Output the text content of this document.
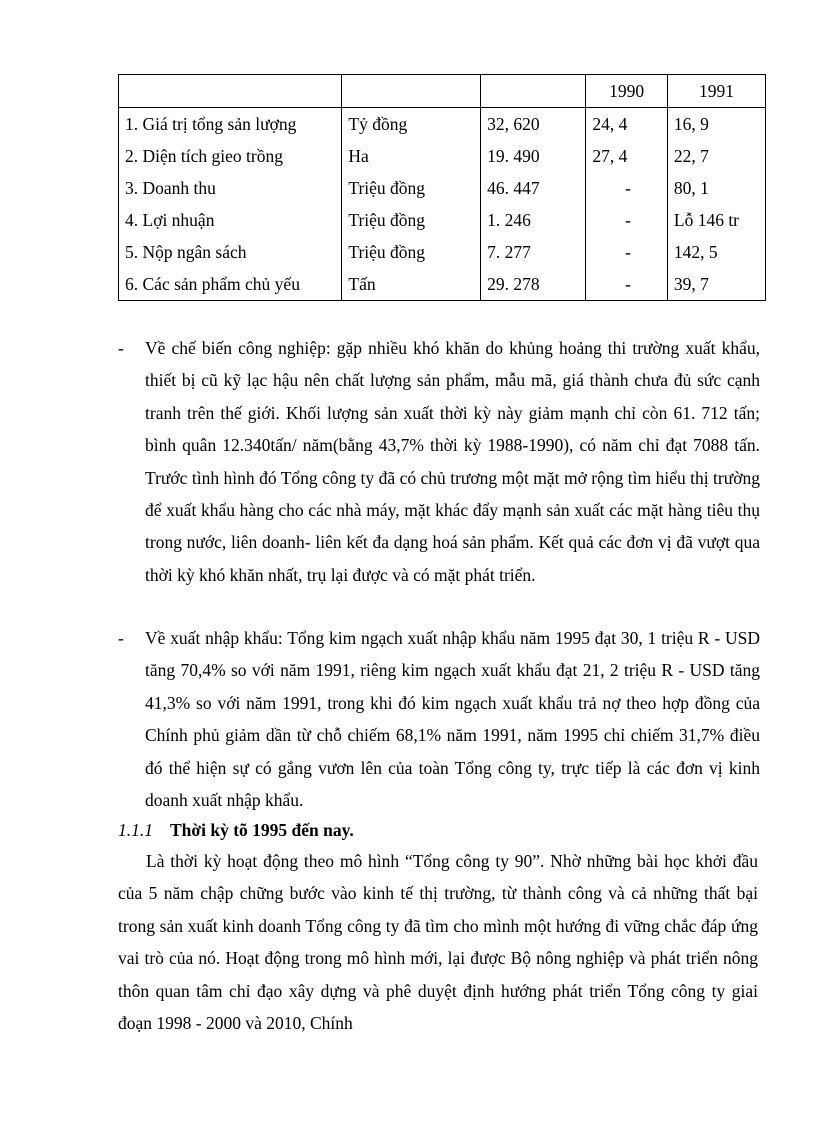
			1990	1991
1. Giá trị tổng sản lượng	Tỷ đồng	32, 620	24, 4	16, 9
2. Diện tích gieo trồng	Ha	19. 490	27, 4	22, 7
3. Doanh thu	Triệu đồng	46. 447	-	80, 1
4. Lợi nhuận	Triệu đồng	1. 246	-	Lỗ 146 tr
5. Nộp ngân sách	Triệu đồng	7. 277	-	142, 5
6. Các sản phẩm chủ yếu	Tấn	29. 278	-	39, 7
-	Về chế biến công nghiệp: gặp nhiều khó khăn do khủng hoảng thi trường xuất khẩu, thiết bị cũ kỹ lạc hậu nên chất lượng sản phẩm, mẫu mã, giá thành chưa đủ sức cạnh tranh trên thế giới. Khối lượng sản xuất thời kỳ này giảm mạnh chỉ còn 61. 712 tấn; bình quân 12.340tấn/ năm(bằng 43,7% thời kỳ 1988-1990), có năm chỉ đạt 7088 tấn. Trước tình hình đó Tổng công ty đã có chủ trương một mặt mở rộng tìm hiểu thị trường để xuất khẩu hàng cho các nhà máy, mặt khác đẩy mạnh sản xuất các mặt hàng tiêu thụ trong nước, liên doanh- liên kết đa dạng hoá sản phẩm. Kết quả các đơn vị đã vượt qua thời kỳ khó khăn nhất, trụ lại được và có mặt phát triển.
-	Về xuất nhập khẩu: Tổng kim ngạch xuất nhập khẩu năm 1995 đạt 30, 1 triệu R - USD tăng 70,4% so với năm 1991, riêng kim ngạch xuất khẩu đạt 21, 2 triệu R - USD tăng 41,3% so với năm 1991, trong khi đó kim ngạch xuất khẩu trả nợ theo hợp đồng của Chính phủ giảm dần từ chỗ chiếm 68,1% năm 1991, năm 1995 chỉ chiếm 31,7% điều đó thể hiện sự có gắng vươn lên của toàn Tổng công ty, trực tiếp là các đơn vị kinh doanh xuất nhập khẩu.
1.1.1 Thời kỳ tõ 1995 đến nay.
Là thời kỳ hoạt động theo mô hình “Tổng công ty 90”. Nhờ những bài học khởi đầu của 5 năm chập chững bước vào kinh tế thị trường, từ thành công và cả những thất bại trong sản xuất kinh doanh Tổng công ty đã tìm cho mình một hướng đi vững chắc đáp ứng vai trò của nó. Hoạt động trong mô hình mới, lại được Bộ nông nghiệp và phát triển nông thôn quan tâm chỉ đạo xây dựng và phê duyệt định hướng phát triển Tổng công ty giai đoạn 1998 - 2000 và 2010, Chính
